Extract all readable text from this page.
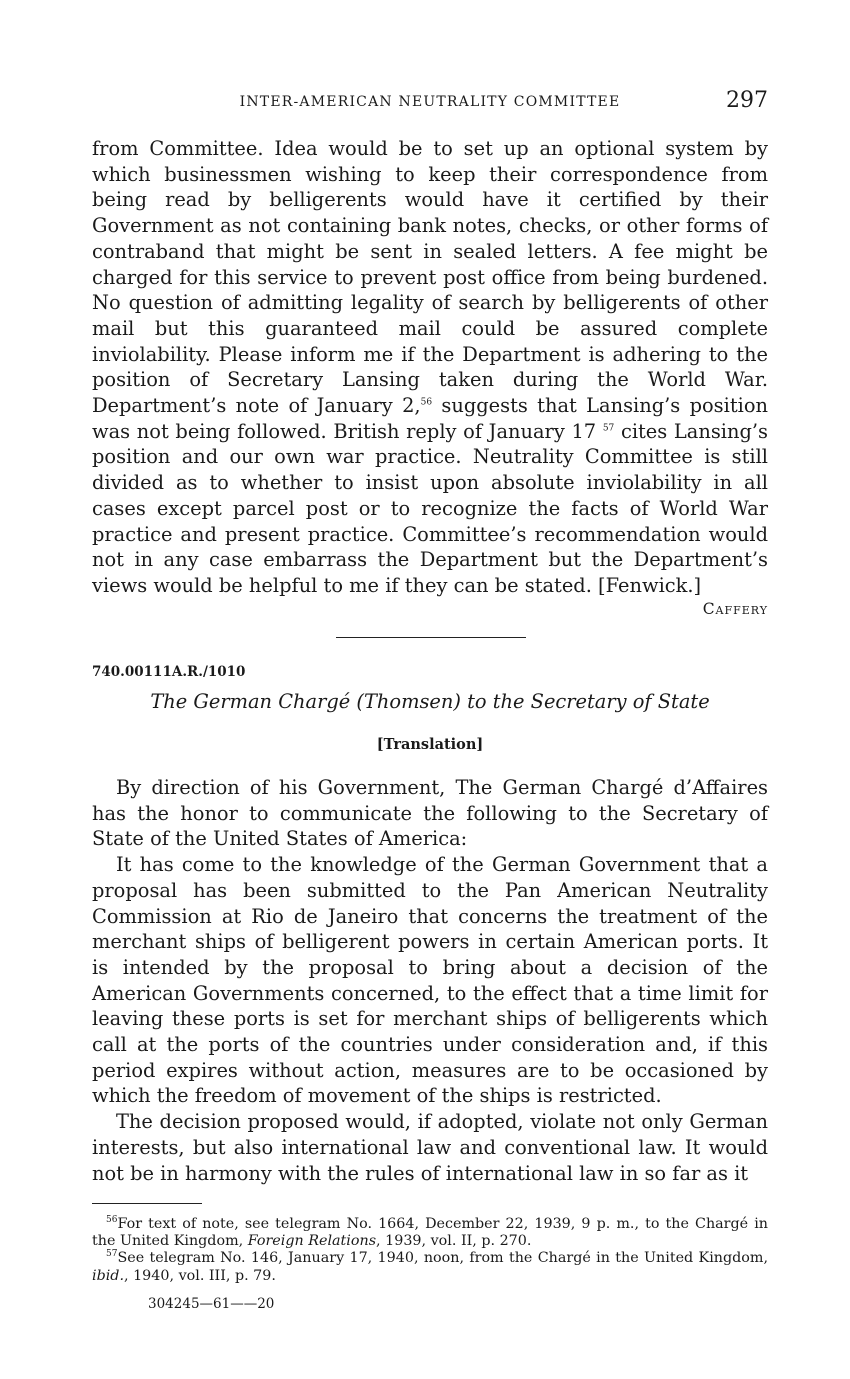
INTER-AMERICAN NEUTRALITY COMMITTEE	297

from Committee. Idea would be to set up an optional system by which businessmen wishing to keep their correspondence from being read by belligerents would have it certified by their Government as not containing bank notes, checks, or other forms of contraband that might be sent in sealed letters. A fee might be charged for this service to prevent post office from being burdened. No question of admitting legality of search by belligerents of other mail but this guaranteed mail could be assured complete inviolability. Please inform me if the Department is adhering to the position of Secretary Lansing taken during the World War. Department’s note of January 2,56 suggests that Lansing’s position was not being followed. British reply of January 17 $^{57}$ cites Lansing’s position and our own war practice. Neutrality Committee is still divided as to whether to insist upon absolute inviolability in all cases except parcel post or to recognize the facts of World War practice and present practice. Committee’s recommendation would not in any case embarrass the Department but the Department’s views would be helpful to me if they can be stated. [Fenwick.]

Caffery
740.00111A.R./1010
The German Chargé (Thomsen) to the Secretary of State
[Translation]

By direction of his Government, The German Chargé d’Affaires has the honor to communicate the following to the Secretary of State of the United States of America:

It has come to the knowledge of the German Government that a proposal has been submitted to the Pan American Neutrality Commission at Rio de Janeiro that concerns the treatment of the merchant ships of belligerent powers in certain American ports. It is intended by the proposal to bring about a decision of the American Governments concerned, to the effect that a time limit for leaving these ports is set for merchant ships of belligerents which call at the ports of the countries under consideration and, if this period expires without action, measures are to be occasioned by which the freedom of movement of the ships is restricted.

The decision proposed would, if adopted, violate not only German interests, but also international law and conventional law. It would not be in harmony with the rules of international law in so far as it

$^{56}$For text of note, see telegram No. 1664, December 22, 1939, 9 p. m., to the Chargé in the United Kingdom, Foreign Relations, 1939, vol. II, p. 270.

$^{57}$See telegram No. 146, January 17, 1940, noon, from the Chargé in the United Kingdom, ibid., 1940, vol. III, p. 79.

304245—61——20
